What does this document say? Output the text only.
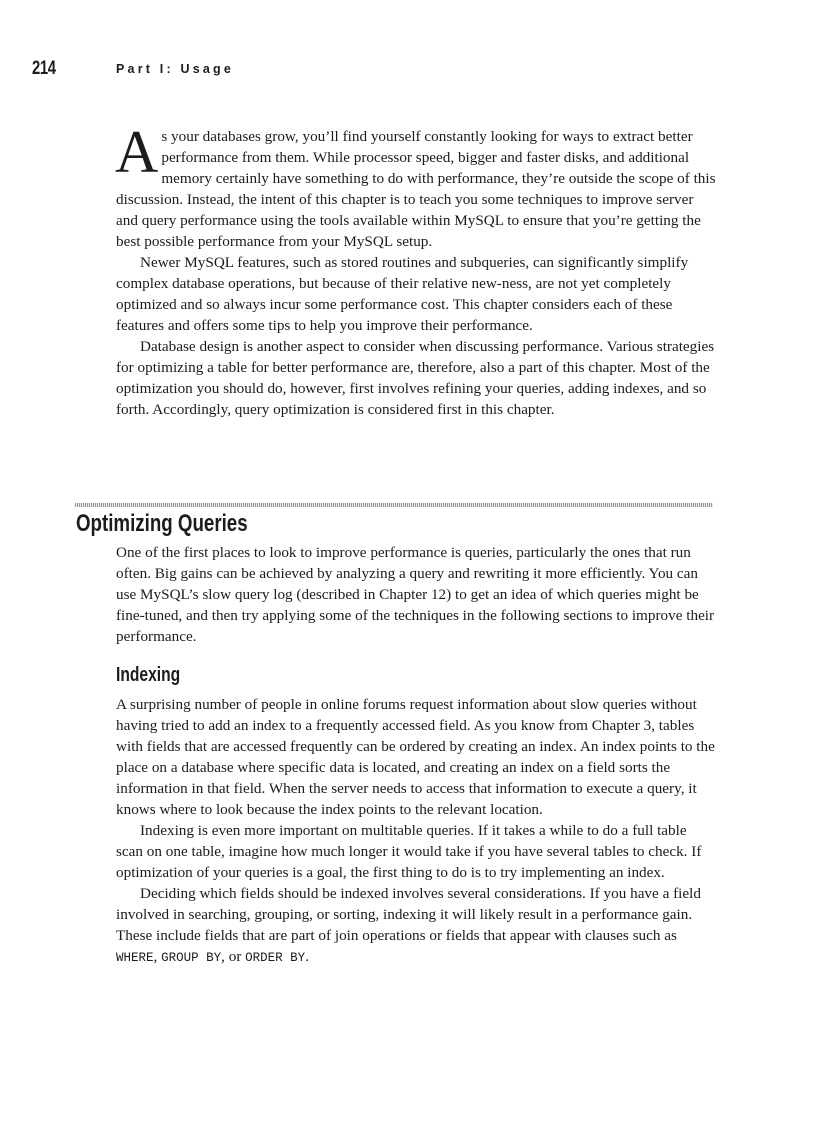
214	Part I: Usage

As your databases grow, you’ll find yourself constantly looking for ways to extract better performance from them. While processor speed, bigger and faster disks, and additional memory certainly have something to do with performance, they’re outside the scope of this discussion. Instead, the intent of this chapter is to teach you some techniques to improve server and query performance using the tools available within MySQL to ensure that you’re getting the best possible performance from your MySQL setup.

Newer MySQL features, such as stored routines and subqueries, can significantly simplify complex database operations, but because of their relative new-ness, are not yet completely optimized and so always incur some performance cost. This chapter considers each of these features and offers some tips to help you improve their performance.

Database design is another aspect to consider when discussing performance. Various strategies for optimizing a table for better performance are, therefore, also a part of this chapter. Most of the optimization you should do, however, first involves refining your queries, adding indexes, and so forth. Accordingly, query optimization is considered first in this chapter.

Optimizing Queries

One of the first places to look to improve performance is queries, particularly the ones that run often. Big gains can be achieved by analyzing a query and rewriting it more efficiently. You can use MySQL’s slow query log (described in Chapter 12) to get an idea of which queries might be fine-tuned, and then try applying some of the techniques in the following sections to improve their performance.

Indexing

A surprising number of people in online forums request information about slow queries without having tried to add an index to a frequently accessed field. As you know from Chapter 3, tables with fields that are accessed frequently can be ordered by creating an index. An index points to the place on a database where specific data is located, and creating an index on a field sorts the information in that field. When the server needs to access that information to execute a query, it knows where to look because the index points to the relevant location.

Indexing is even more important on multitable queries. If it takes a while to do a full table scan on one table, imagine how much longer it would take if you have several tables to check. If optimization of your queries is a goal, the first thing to do is to try implementing an index.

Deciding which fields should be indexed involves several considerations. If you have a field involved in searching, grouping, or sorting, indexing it will likely result in a performance gain. These include fields that are part of join operations or fields that appear with clauses such as WHERE, GROUP BY, or ORDER BY.
